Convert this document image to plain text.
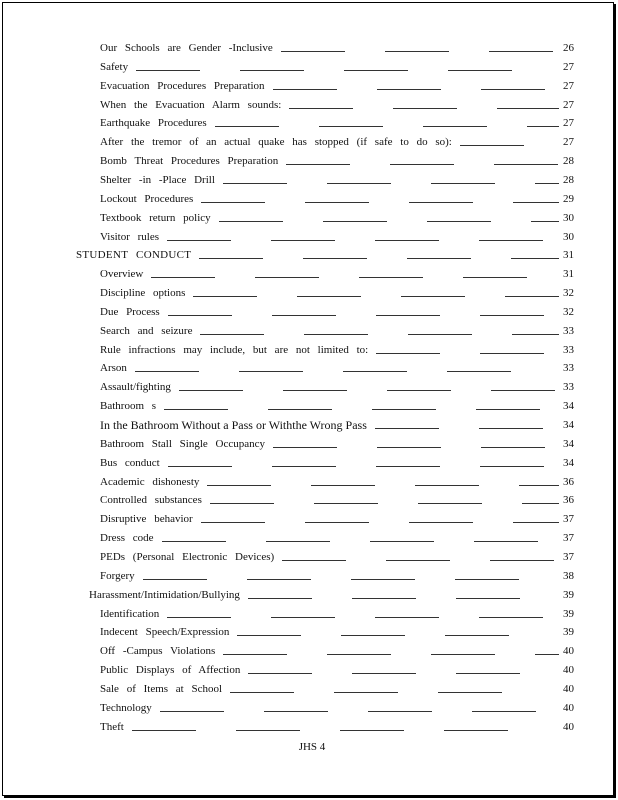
Our Schools are Gender -Inclusive	26
Safety	27
Evacuation Procedures Preparation	27
When the Evacuation Alarm sounds:	27
Earthquake Procedures	27
After the tremor of an actual quake has stopped (if safe to do so):	27
Bomb Threat Procedures Preparation	28
Shelter -in -Place Drill	28
Lockout Procedures	29
Textbook return policy	30
Visitor rules	30
STUDENT CONDUCT	31
Overview	31
Discipline options	32
Due Process	32
Search and seizure	33
Rule infractions may include, but are not limited to:	33
Arson	33
Assault/fighting	33
Bathroom s	34
In the Bathroom Without a Pass or Withthe Wrong Pass	34
Bathroom Stall Single Occupancy	34
Bus conduct	34
Academic dishonesty	36
Controlled substances	36
Disruptive behavior	37
Dress code	37
PEDs (Personal Electronic Devices)	37
Forgery	38
Harassment/Intimidation/Bullying	39
Identification	39
Indecent Speech/Expression	39
Off -Campus Violations	40
Public Displays of Affection	40
Sale of Items at School	40
Technology	40
Theft	40
JHS 4
